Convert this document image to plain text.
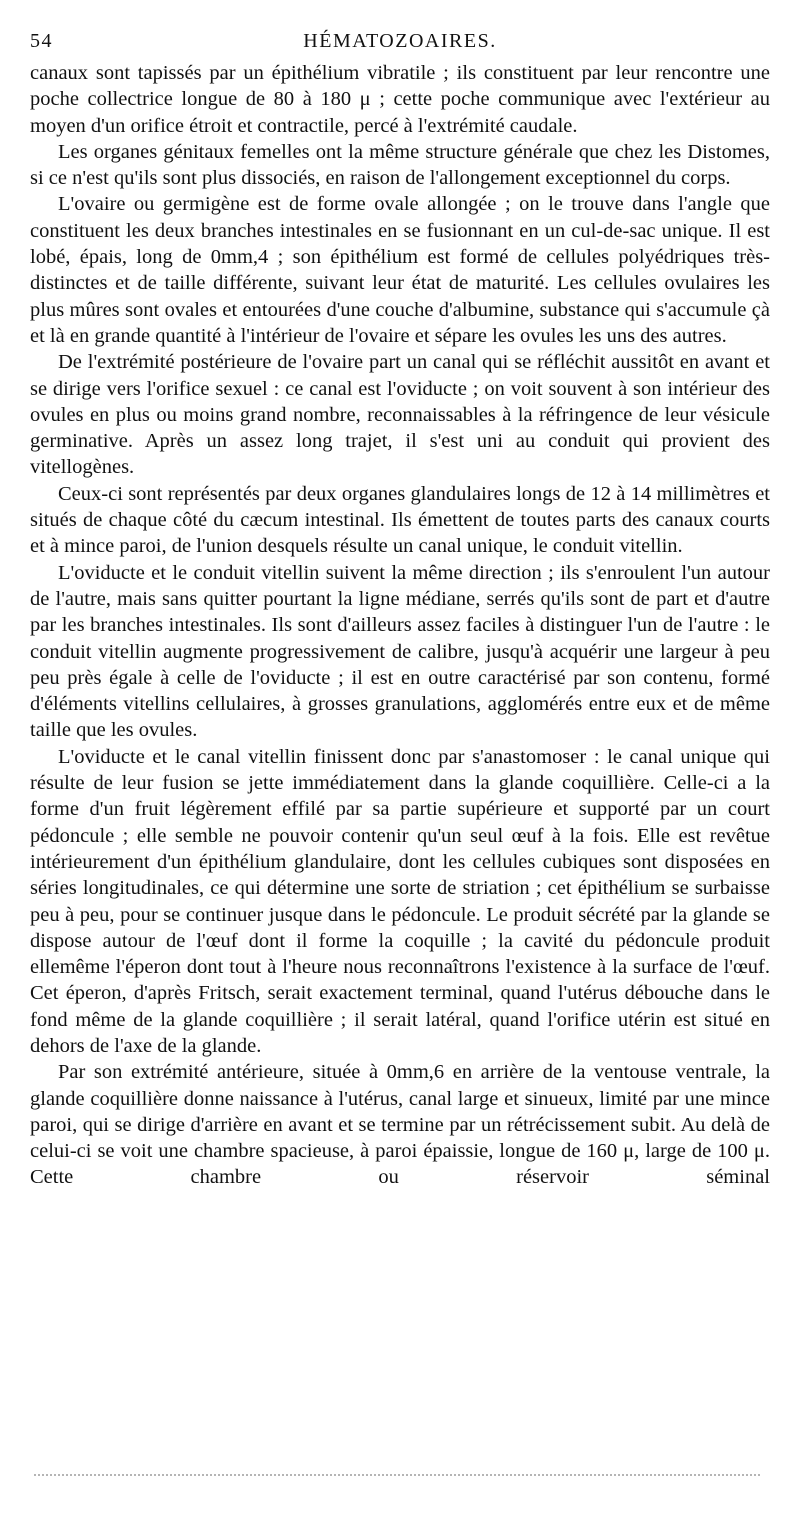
54	HÉMATOZOAIRES.

canaux sont tapissés par un épithélium vibratile ; ils constituent par leur rencontre une poche collectrice longue de 80 à 180 μ ; cette poche communique avec l'extérieur au moyen d'un orifice étroit et contractile, percé à l'extrémité caudale.

Les organes génitaux femelles ont la même structure générale que chez les Distomes, si ce n'est qu'ils sont plus dissociés, en raison de l'allongement exceptionnel du corps.

L'ovaire ou germigène est de forme ovale allongée ; on le trouve dans l'angle que constituent les deux branches intestinales en se fusionnant en un cul-de-sac unique. Il est lobé, épais, long de 0mm,4 ; son épithélium est formé de cellules polyédriques très-distinctes et de taille différente, suivant leur état de maturité. Les cellules ovulaires les plus mûres sont ovales et entourées d'une couche d'albumine, substance qui s'accumule çà et là en grande quantité à l'intérieur de l'ovaire et sépare les ovules les uns des autres.

De l'extrémité postérieure de l'ovaire part un canal qui se réfléchit aussitôt en avant et se dirige vers l'orifice sexuel : ce canal est l'oviducte ; on voit souvent à son intérieur des ovules en plus ou moins grand nombre, reconnaissables à la réfringence de leur vésicule germinative. Après un assez long trajet, il s'est uni au conduit qui provient des vitellogènes.

Ceux-ci sont représentés par deux organes glandulaires longs de 12 à 14 millimètres et situés de chaque côté du cæcum intestinal. Ils émettent de toutes parts des canaux courts et à mince paroi, de l'union desquels résulte un canal unique, le conduit vitellin.

L'oviducte et le conduit vitellin suivent la même direction ; ils s'enroulent l'un autour de l'autre, mais sans quitter pourtant la ligne médiane, serrés qu'ils sont de part et d'autre par les branches intestinales. Ils sont d'ailleurs assez faciles à distinguer l'un de l'autre : le conduit vitellin augmente progressivement de calibre, jusqu'à acquérir une largeur à peu peu près égale à celle de l'oviducte ; il est en outre caractérisé par son contenu, formé d'éléments vitellins cellulaires, à grosses granulations, agglomérés entre eux et de même taille que les ovules.

L'oviducte et le canal vitellin finissent donc par s'anastomoser : le canal unique qui résulte de leur fusion se jette immédiatement dans la glande coquillière. Celle-ci a la forme d'un fruit légèrement effilé par sa partie supérieure et supporté par un court pédoncule ; elle semble ne pouvoir contenir qu'un seul œuf à la fois. Elle est revêtue intérieurement d'un épithélium glandulaire, dont les cellules cubiques sont disposées en séries longitudinales, ce qui détermine une sorte de striation ; cet épithélium se surbaisse peu à peu, pour se continuer jusque dans le pédoncule. Le produit sécrété par la glande se dispose autour de l'œuf dont il forme la coquille ; la cavité du pédoncule produit ellemême l'éperon dont tout à l'heure nous reconnaîtrons l'existence à la surface de l'œuf. Cet éperon, d'après Fritsch, serait exactement terminal, quand l'utérus débouche dans le fond même de la glande coquillière ; il serait latéral, quand l'orifice utérin est situé en dehors de l'axe de la glande.

Par son extrémité antérieure, située à 0mm,6 en arrière de la ventouse ventrale, la glande coquillière donne naissance à l'utérus, canal large et sinueux, limité par une mince paroi, qui se dirige d'arrière en avant et se termine par un rétrécissement subit. Au delà de celui-ci se voit une chambre spacieuse, à paroi épaissie, longue de 160 μ, large de 100 μ. Cette chambre ou réservoir séminal
